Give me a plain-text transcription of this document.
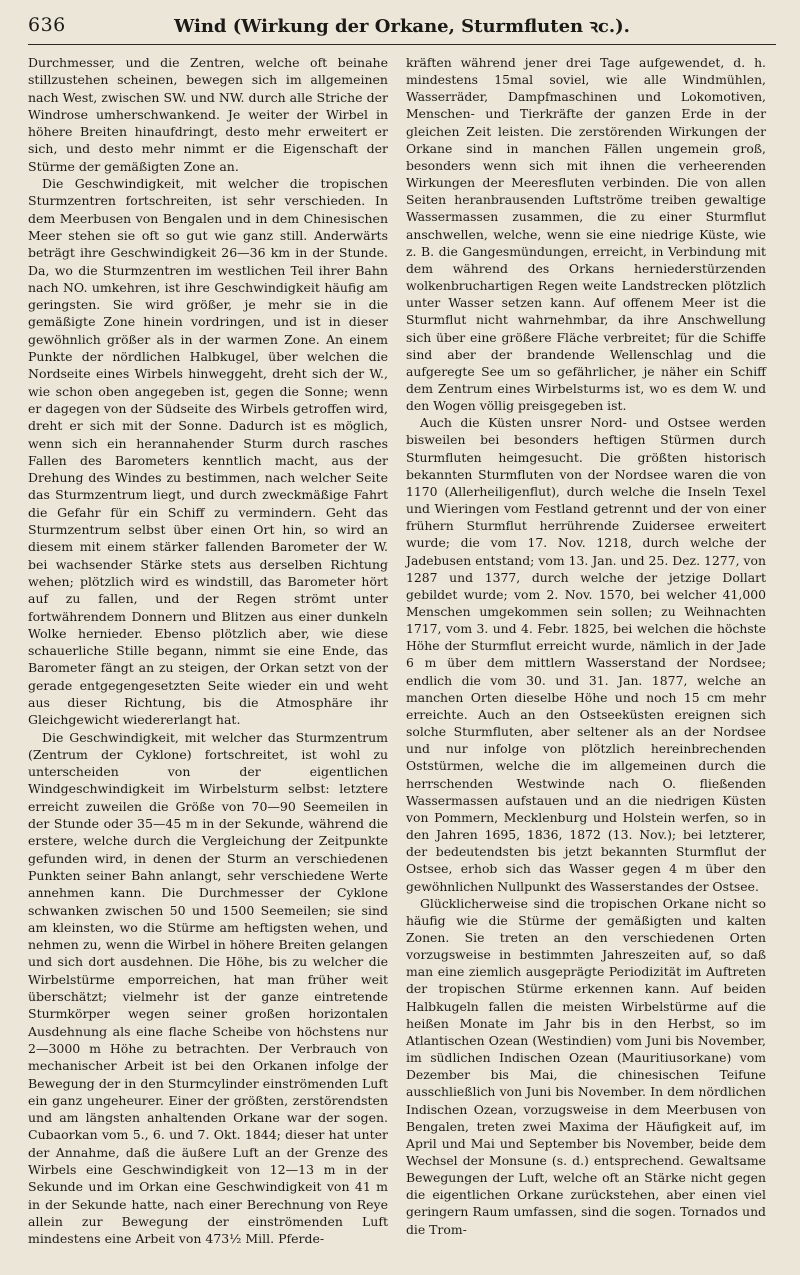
636	Wind (Wirkung der Orkane, Sturmfluten ꝛc.).

Durchmesser, und die Zentren, welche oft beinahe stillzustehen scheinen, bewegen sich im allgemeinen nach West, zwischen SW. und NW. durch alle Striche der Windrose umherschwankend. Je weiter der Wirbel in höhere Breiten hinaufdringt, desto mehr erweitert er sich, und desto mehr nimmt er die Eigenschaft der Stürme der gemäßigten Zone an.

Die Geschwindigkeit, mit welcher die tropischen Sturmzentren fortschreiten, ist sehr verschieden. In dem Meerbusen von Bengalen und in dem Chinesischen Meer stehen sie oft so gut wie ganz still. Anderwärts beträgt ihre Geschwindigkeit 26—36 km in der Stunde. Da, wo die Sturmzentren im westlichen Teil ihrer Bahn nach NO. umkehren, ist ihre Geschwindigkeit häufig am geringsten. Sie wird größer, je mehr sie in die gemäßigte Zone hinein vordringen, und ist in dieser gewöhnlich größer als in der warmen Zone. An einem Punkte der nördlichen Halbkugel, über welchen die Nordseite eines Wirbels hinweggeht, dreht sich der W., wie schon oben angegeben ist, gegen die Sonne; wenn er dagegen von der Südseite des Wirbels getroffen wird, dreht er sich mit der Sonne. Dadurch ist es möglich, wenn sich ein herannahender Sturm durch rasches Fallen des Barometers kenntlich macht, aus der Drehung des Windes zu bestimmen, nach welcher Seite das Sturmzentrum liegt, und durch zweckmäßige Fahrt die Gefahr für ein Schiff zu vermindern. Geht das Sturmzentrum selbst über einen Ort hin, so wird an diesem mit einem stärker fallenden Barometer der W. bei wachsender Stärke stets aus derselben Richtung wehen; plötzlich wird es windstill, das Barometer hört auf zu fallen, und der Regen strömt unter fortwährendem Donnern und Blitzen aus einer dunkeln Wolke hernieder. Ebenso plötzlich aber, wie diese schauerliche Stille begann, nimmt sie eine Ende, das Barometer fängt an zu steigen, der Orkan setzt von der gerade entgegengesetzten Seite wieder ein und weht aus dieser Richtung, bis die Atmosphäre ihr Gleichgewicht wiedererlangt hat.

Die Geschwindigkeit, mit welcher das Sturmzentrum (Zentrum der Cyklone) fortschreitet, ist wohl zu unterscheiden von der eigentlichen Windgeschwindigkeit im Wirbelsturm selbst: letztere erreicht zuweilen die Größe von 70—90 Seemeilen in der Stunde oder 35—45 m in der Sekunde, während die erstere, welche durch die Vergleichung der Zeitpunkte gefunden wird, in denen der Sturm an verschiedenen Punkten seiner Bahn anlangt, sehr verschiedene Werte annehmen kann. Die Durchmesser der Cyklone schwanken zwischen 50 und 1500 Seemeilen; sie sind am kleinsten, wo die Stürme am heftigsten wehen, und nehmen zu, wenn die Wirbel in höhere Breiten gelangen und sich dort ausdehnen. Die Höhe, bis zu welcher die Wirbelstürme emporreichen, hat man früher weit überschätzt; vielmehr ist der ganze eintretende Sturmkörper wegen seiner großen horizontalen Ausdehnung als eine flache Scheibe von höchstens nur 2—3000 m Höhe zu betrachten. Der Verbrauch von mechanischer Arbeit ist bei den Orkanen infolge der Bewegung der in den Sturmcylinder einströmenden Luft ein ganz ungeheurer. Einer der größten, zerstörendsten und am längsten anhaltenden Orkane war der sogen. Cubaorkan vom 5., 6. und 7. Okt. 1844; dieser hat unter der Annahme, daß die äußere Luft an der Grenze des Wirbels eine Geschwindigkeit von 12—13 m in der Sekunde und im Orkan eine Geschwindigkeit von 41 m in der Sekunde hatte, nach einer Berechnung von Reye allein zur Bewegung der einströmenden Luft mindestens eine Arbeit von 473½ Mill. Pferde-

kräften während jener drei Tage aufgewendet, d. h. mindestens 15mal soviel, wie alle Windmühlen, Wasserräder, Dampfmaschinen und Lokomotiven, Menschen- und Tierkräfte der ganzen Erde in der gleichen Zeit leisten. Die zerstörenden Wirkungen der Orkane sind in manchen Fällen ungemein groß, besonders wenn sich mit ihnen die verheerenden Wirkungen der Meeresfluten verbinden. Die von allen Seiten heranbrausenden Luftströme treiben gewaltige Wassermassen zusammen, die zu einer Sturmflut anschwellen, welche, wenn sie eine niedrige Küste, wie z. B. die Gangesmündungen, erreicht, in Verbindung mit dem während des Orkans herniederstürzenden wolkenbruchartigen Regen weite Landstrecken plötzlich unter Wasser setzen kann. Auf offenem Meer ist die Sturmflut nicht wahrnehmbar, da ihre Anschwellung sich über eine größere Fläche verbreitet; für die Schiffe sind aber der brandende Wellenschlag und die aufgeregte See um so gefährlicher, je näher ein Schiff dem Zentrum eines Wirbelsturms ist, wo es dem W. und den Wogen völlig preisgegeben ist.

Auch die Küsten unsrer Nord- und Ostsee werden bisweilen bei besonders heftigen Stürmen durch Sturmfluten heimgesucht. Die größten historisch bekannten Sturmfluten von der Nordsee waren die von 1170 (Allerheiligenflut), durch welche die Inseln Texel und Wieringen vom Festland getrennt und der von einer frühern Sturmflut herrührende Zuidersee erweitert wurde; die vom 17. Nov. 1218, durch welche der Jadebusen entstand; vom 13. Jan. und 25. Dez. 1277, von 1287 und 1377, durch welche der jetzige Dollart gebildet wurde; vom 2. Nov. 1570, bei welcher 41,000 Menschen umgekommen sein sollen; zu Weihnachten 1717, vom 3. und 4. Febr. 1825, bei welchen die höchste Höhe der Sturmflut erreicht wurde, nämlich in der Jade 6 m über dem mittlern Wasserstand der Nordsee; endlich die vom 30. und 31. Jan. 1877, welche an manchen Orten dieselbe Höhe und noch 15 cm mehr erreichte. Auch an den Ostseeküsten ereignen sich solche Sturmfluten, aber seltener als an der Nordsee und nur infolge von plötzlich hereinbrechenden Oststürmen, welche die im allgemeinen durch die herrschenden Westwinde nach O. fließenden Wassermassen aufstauen und an die niedrigen Küsten von Pommern, Mecklenburg und Holstein werfen, so in den Jahren 1695, 1836, 1872 (13. Nov.); bei letzterer, der bedeutendsten bis jetzt bekannten Sturmflut der Ostsee, erhob sich das Wasser gegen 4 m über den gewöhnlichen Nullpunkt des Wasserstandes der Ostsee.

Glücklicherweise sind die tropischen Orkane nicht so häufig wie die Stürme der gemäßigten und kalten Zonen. Sie treten an den verschiedenen Orten vorzugsweise in bestimmten Jahreszeiten auf, so daß man eine ziemlich ausgeprägte Periodizität im Auftreten der tropischen Stürme erkennen kann. Auf beiden Halbkugeln fallen die meisten Wirbelstürme auf die heißen Monate im Jahr bis in den Herbst, so im Atlantischen Ozean (Westindien) vom Juni bis November, im südlichen Indischen Ozean (Mauritiusorkane) vom Dezember bis Mai, die chinesischen Teifune ausschließlich von Juni bis November. In dem nördlichen Indischen Ozean, vorzugsweise in dem Meerbusen von Bengalen, treten zwei Maxima der Häufigkeit auf, im April und Mai und September bis November, beide dem Wechsel der Monsune (s. d.) entsprechend. Gewaltsame Bewegungen der Luft, welche oft an Stärke nicht gegen die eigentlichen Orkane zurückstehen, aber einen viel geringern Raum umfassen, sind die sogen. Tornados und die Trom-
